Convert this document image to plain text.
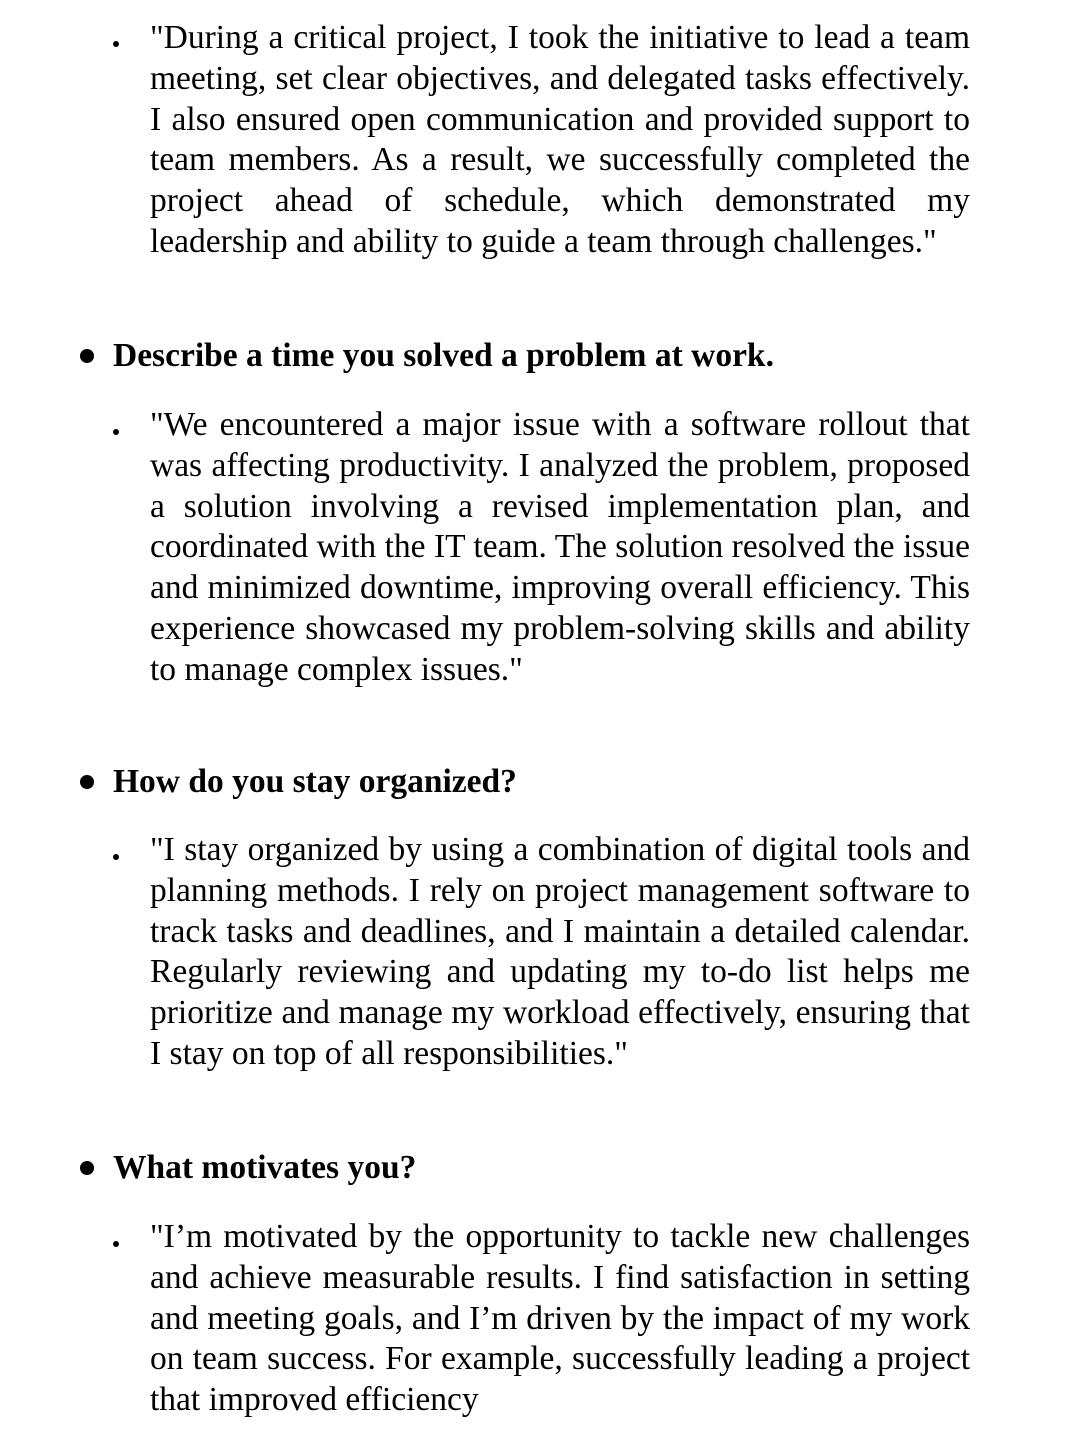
"During a critical project, I took the initiative to lead a team meeting, set clear objectives, and delegated tasks effectively. I also ensured open communication and provided support to team members. As a result, we successfully completed the project ahead of schedule, which demonstrated my leadership and ability to guide a team through challenges."

Describe a time you solved a problem at work.

"We encountered a major issue with a software rollout that was affecting productivity. I analyzed the problem, proposed a solution involving a revised implementation plan, and coordinated with the IT team. The solution resolved the issue and minimized downtime, improving overall efficiency. This experience showcased my problem-solving skills and ability to manage complex issues."

How do you stay organized?

"I stay organized by using a combination of digital tools and planning methods. I rely on project management software to track tasks and deadlines, and I maintain a detailed calendar. Regularly reviewing and updating my to-do list helps me prioritize and manage my workload effectively, ensuring that I stay on top of all responsibilities."

What motivates you?

"I’m motivated by the opportunity to tackle new challenges and achieve measurable results. I find satisfaction in setting and meeting goals, and I’m driven by the impact of my work on team success. For example, successfully leading a project that improved efficiency
